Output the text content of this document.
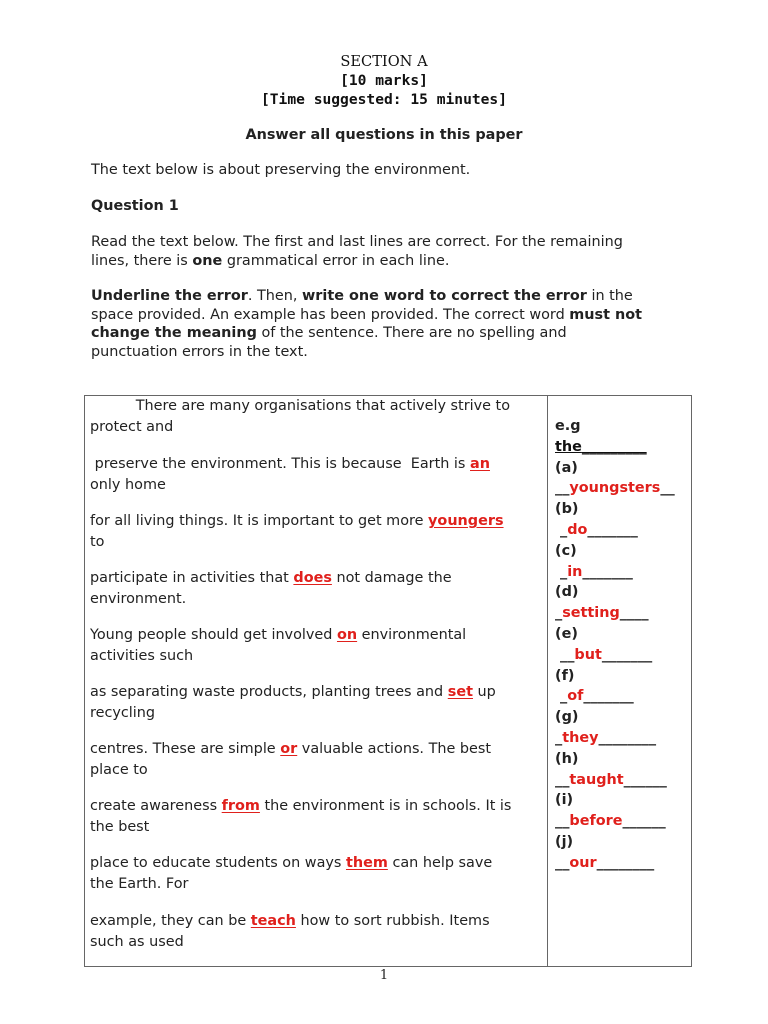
SECTION A
[10 marks]
[Time suggested: 15 minutes]
Answer all questions in this paper
The text below is about preserving the environment.
Question 1
Read the text below. The first and last lines are correct. For the remaining
lines, there is one grammatical error in each line.
Underline the error. Then, write one word to correct the error in the
space provided. An example has been provided. The correct word must not
change the meaning of the sentence. There are no spelling and
punctuation errors in the text.
There are many organisations that actively strive to
protect and
preserve the environment. This is because  Earth is an
only home
for all living things. It is important to get more youngers
to
participate in activities that does not damage the
environment.
Young people should get involved on environmental
activities such
as separating waste products, planting trees and set up
recycling
centres. These are simple or valuable actions. The best
place to
create awareness from the environment is in schools. It is
the best
place to educate students on ways them can help save
the Earth. For
example, they can be teach how to sort rubbish. Items
such as used
e.g
the_________
(a)
__youngsters__
(b)
_do_______
(c)
_in_______
(d)
_setting____
(e)
__but_______
(f)
_of_______
(g)
_they________
(h)
__taught______
(i)
__before______
(j)
__our________
1
